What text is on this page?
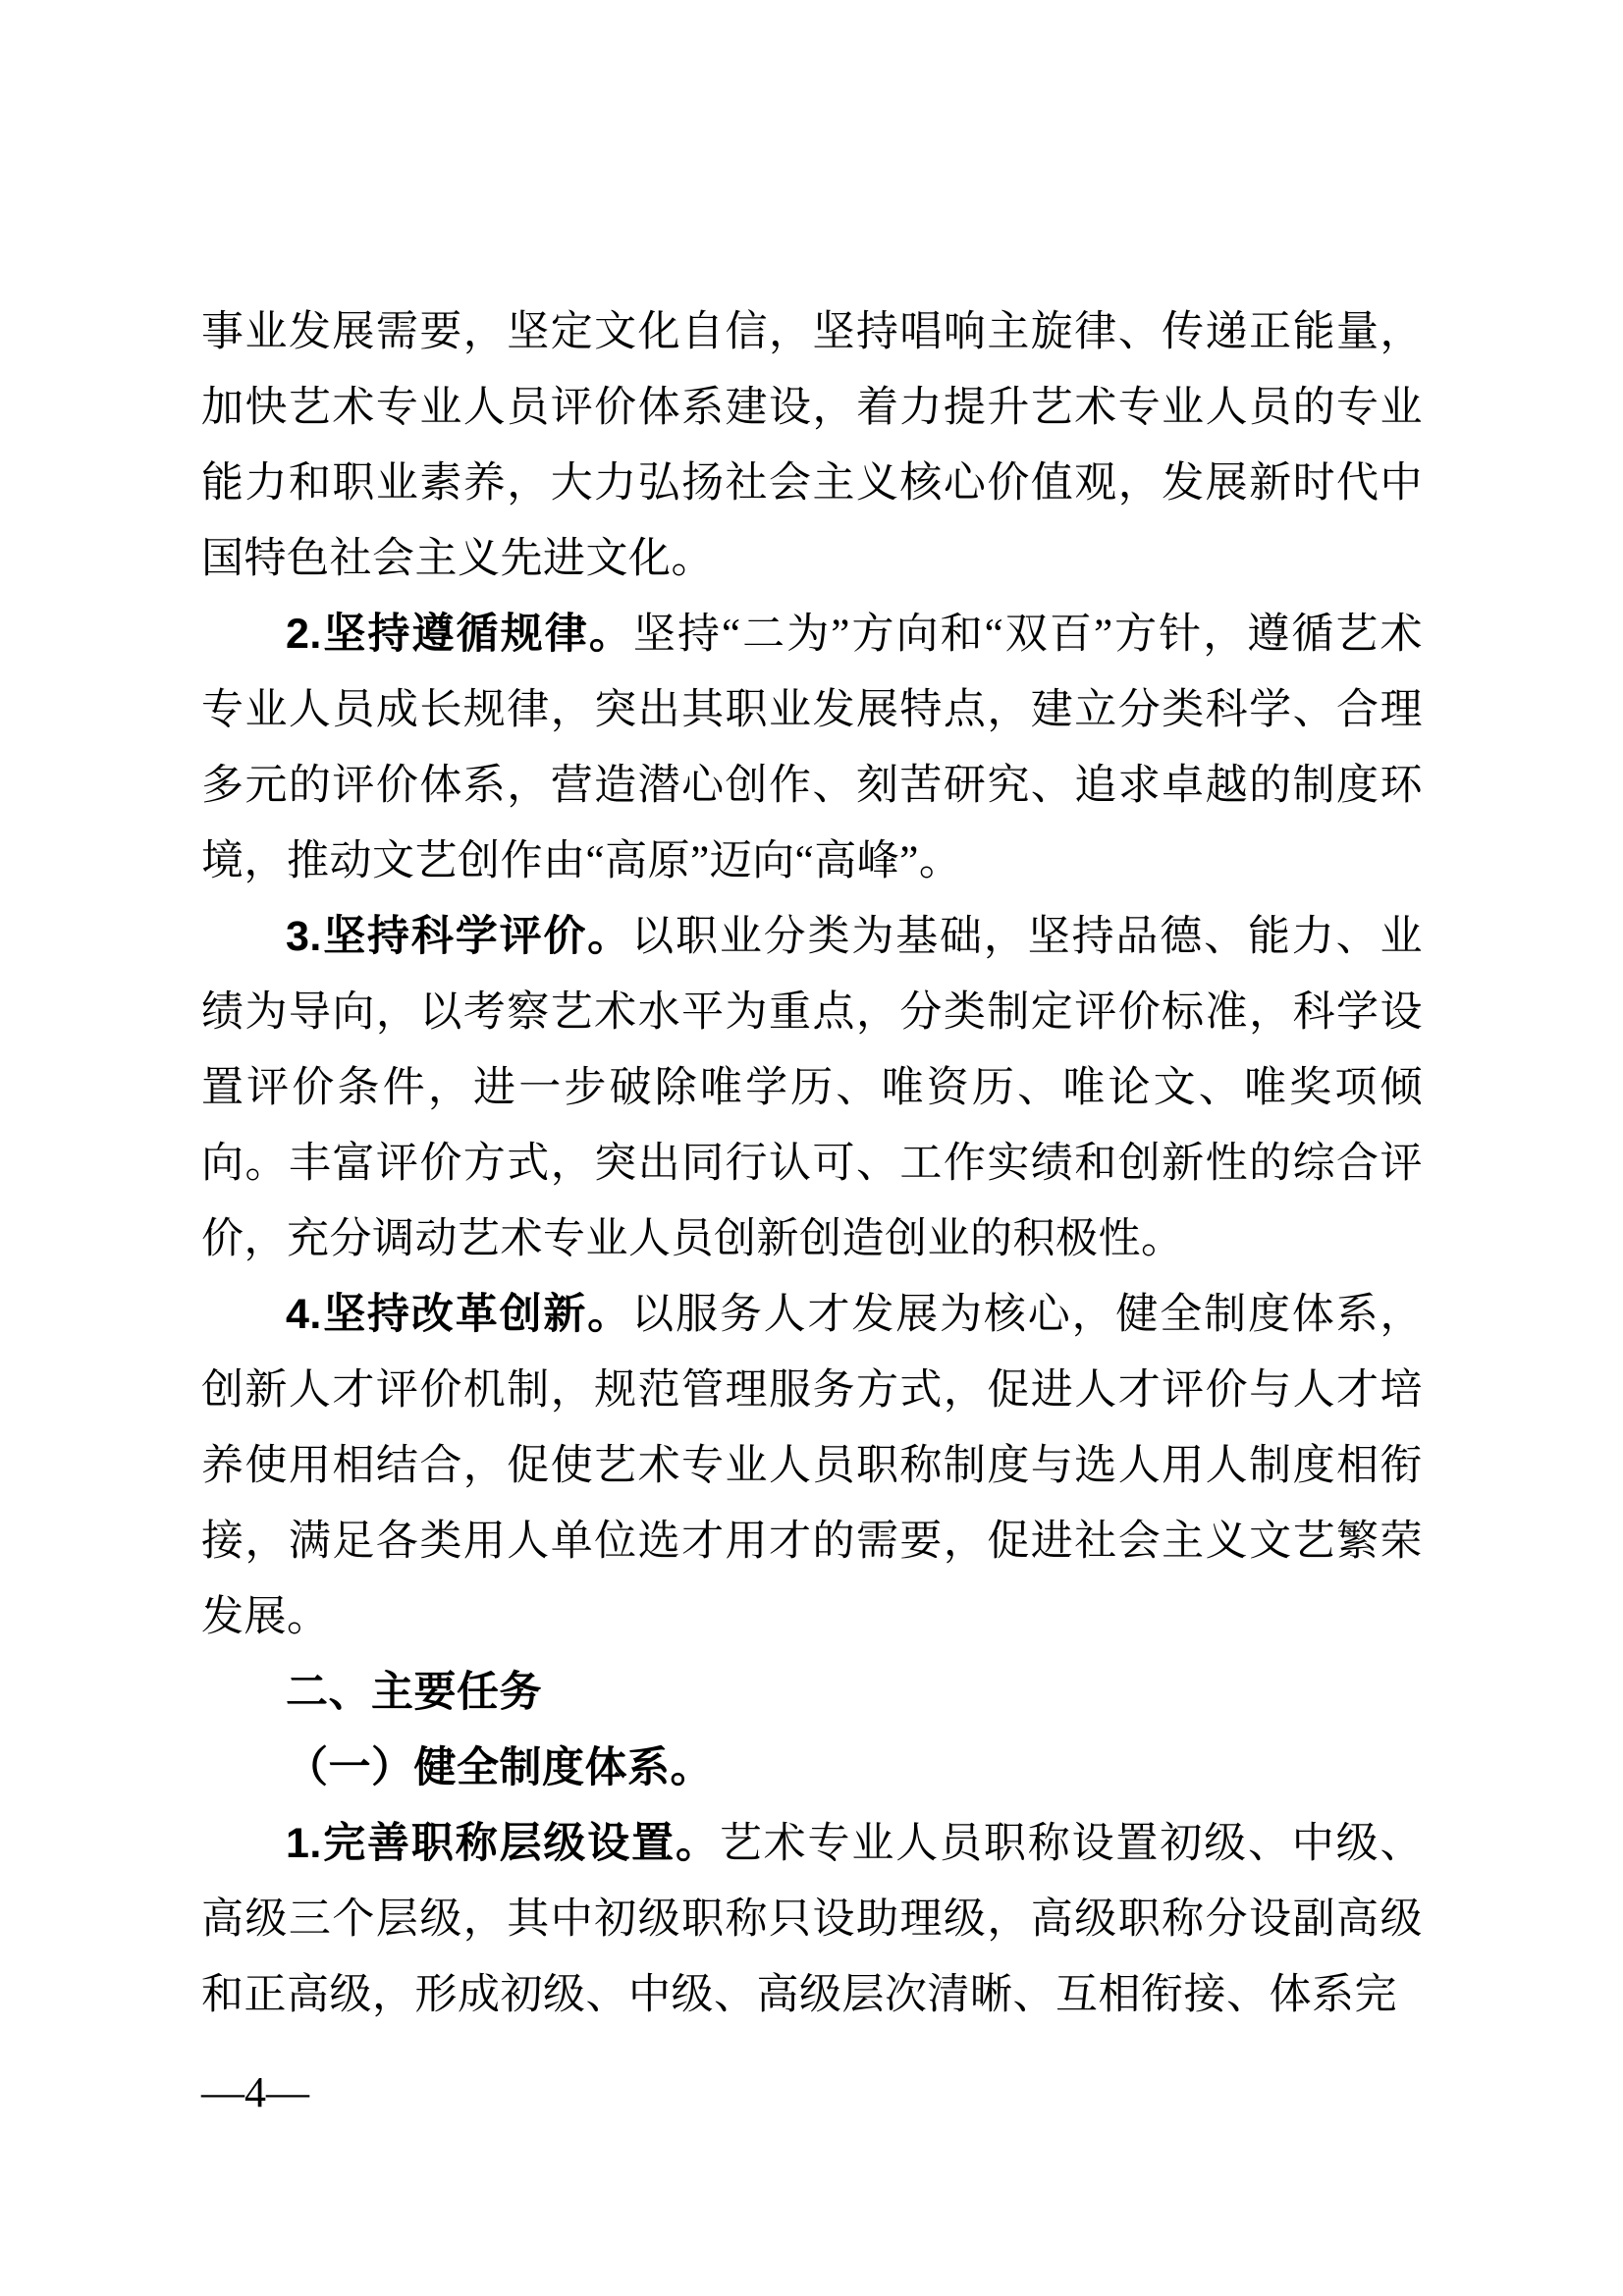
事业发展需要，坚定文化自信，坚持唱响主旋律、传递正能量，加快艺术专业人员评价体系建设，着力提升艺术专业人员的专业能力和职业素养，大力弘扬社会主义核心价值观，发展新时代中国特色社会主义先进文化。

2.坚持遵循规律。坚持“二为”方向和“双百”方针，遵循艺术专业人员成长规律，突出其职业发展特点，建立分类科学、合理多元的评价体系，营造潜心创作、刻苦研究、追求卓越的制度环境，推动文艺创作由“高原”迈向“高峰”。

3.坚持科学评价。以职业分类为基础，坚持品德、能力、业绩为导向，以考察艺术水平为重点，分类制定评价标准，科学设置评价条件，进一步破除唯学历、唯资历、唯论文、唯奖项倾向。丰富评价方式，突出同行认可、工作实绩和创新性的综合评价，充分调动艺术专业人员创新创造创业的积极性。

4.坚持改革创新。以服务人才发展为核心，健全制度体系，创新人才评价机制，规范管理服务方式，促进人才评价与人才培养使用相结合，促使艺术专业人员职称制度与选人用人制度相衔接，满足各类用人单位选才用才的需要，促进社会主义文艺繁荣发展。

二、主要任务

（一）健全制度体系。

1.完善职称层级设置。艺术专业人员职称设置初级、中级、高级三个层级，其中初级职称只设助理级，高级职称分设副高级和正高级，形成初级、中级、高级层次清晰、互相衔接、体系完

—4—
